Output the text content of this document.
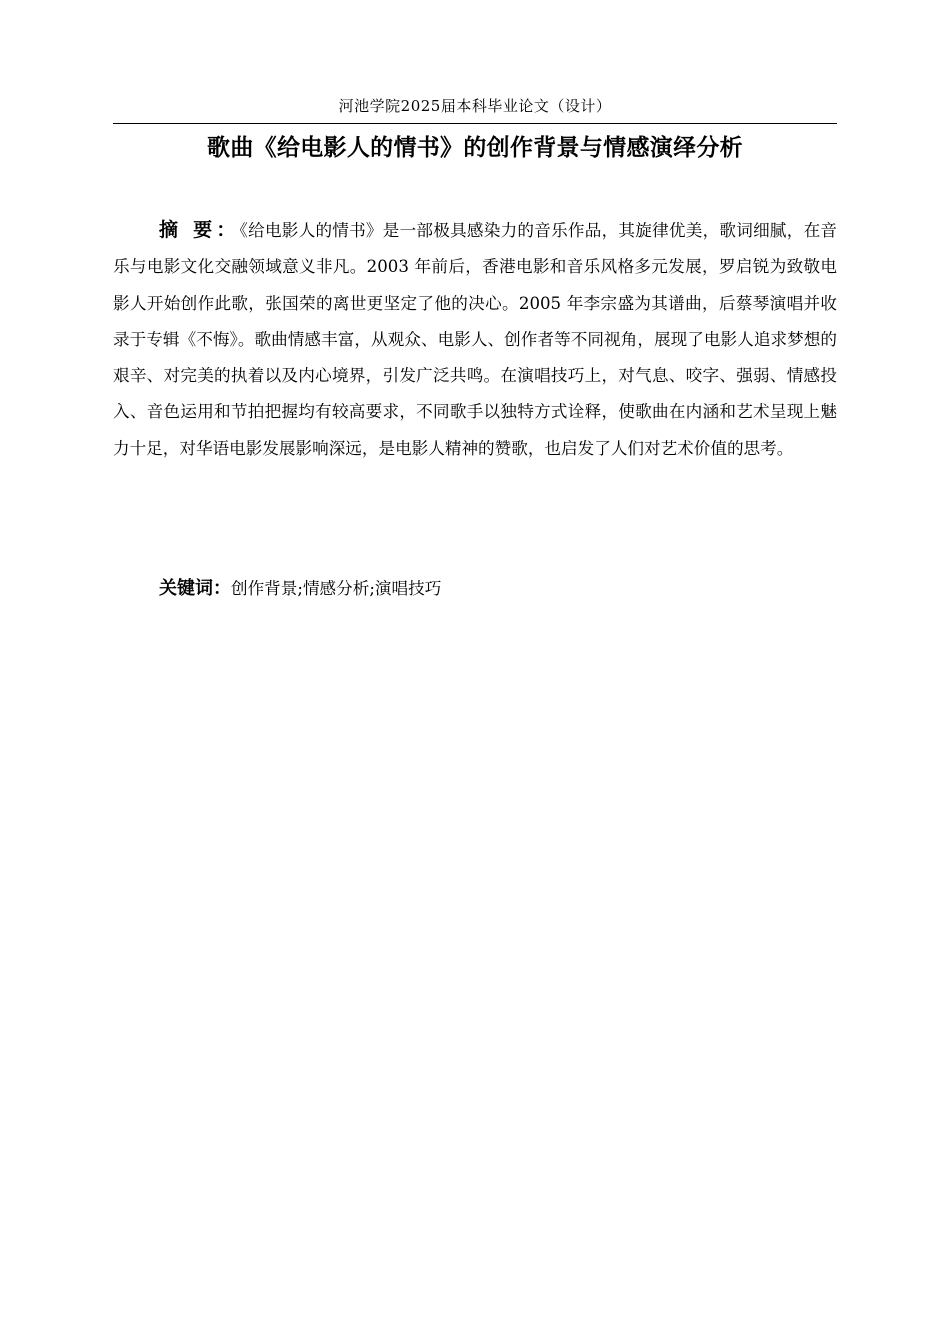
河池学院2025届本科毕业论文（设计）
歌曲《给电影人的情书》的创作背景与情感演绎分析

摘 要：《给电影人的情书》是一部极具感染力的音乐作品，其旋律优美，歌词细腻，在音乐与电影文化交融领域意义非凡。2003 年前后，香港电影和音乐风格多元发展，罗启锐为致敬电影人开始创作此歌，张国荣的离世更坚定了他的决心。2005 年李宗盛为其谱曲，后蔡琴演唱并收录于专辑《不悔》。歌曲情感丰富，从观众、电影人、创作者等不同视角，展现了电影人追求梦想的艰辛、对完美的执着以及内心境界，引发广泛共鸣。在演唱技巧上，对气息、咬字、强弱、情感投入、音色运用和节拍把握均有较高要求，不同歌手以独特方式诠释，使歌曲在内涵和艺术呈现上魅力十足，对华语电影发展影响深远，是电影人精神的赞歌，也启发了人们对艺术价值的思考。

关键词：创作背景;情感分析;演唱技巧
